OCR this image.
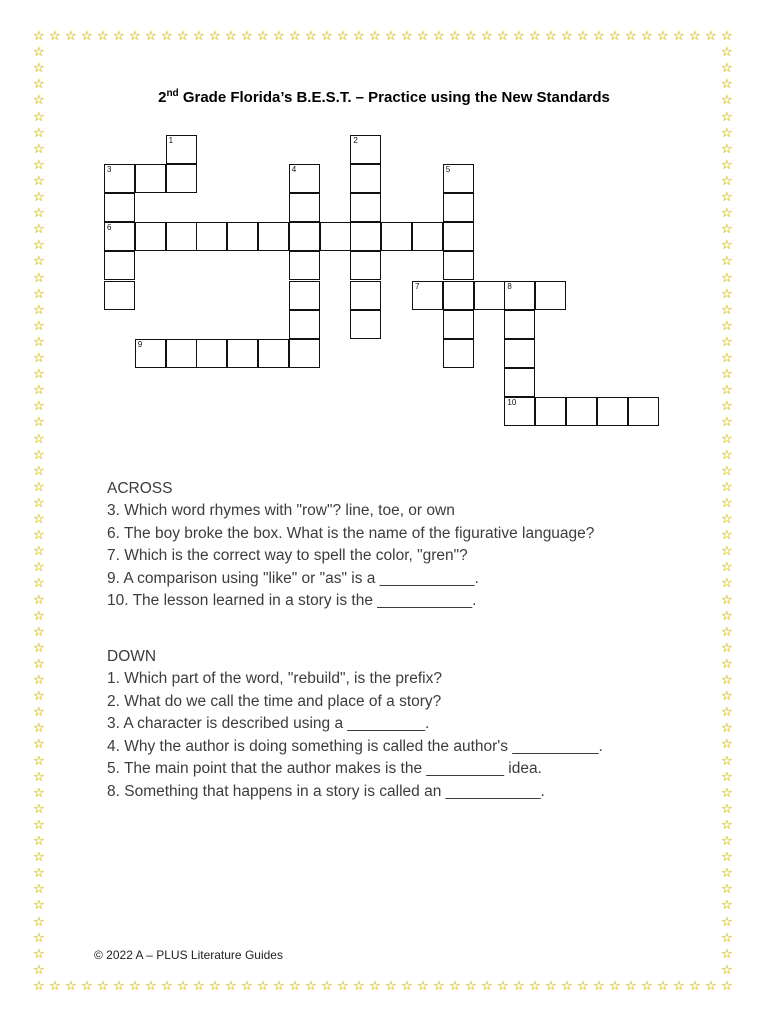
☆
☆
☆
☆
☆
☆
☆
☆
☆
☆
☆
☆
☆
☆
☆
☆
☆
☆
☆
☆
☆
☆
☆
☆
☆
☆
☆
☆
☆
☆
☆
☆
☆
☆
☆
☆
☆
☆
☆
☆
☆
☆
☆
☆
☆
☆
☆
☆
☆
☆
☆
☆
☆
☆
☆
☆
☆
☆
☆
☆
☆
☆
☆
☆
☆
☆
☆
☆
☆
☆
☆
☆
☆
☆
☆
☆
☆
☆
☆
☆
☆
☆
☆
☆
☆
☆
☆
☆
☆	☆
☆	☆
☆	☆
☆	☆
☆	☆
☆	☆
☆	☆
☆	☆
☆	☆
☆	☆
☆	☆
☆	☆
☆	☆
☆	☆
☆	☆
☆	☆
☆	☆
☆	☆
☆	☆
☆	☆
☆	☆
☆	☆
☆	☆
☆	☆
☆	☆
☆	☆
☆	☆
☆	☆
☆	☆
☆	☆
☆	☆
☆	☆
☆	☆
☆	☆
☆	☆
☆	☆
☆	☆
☆	☆
☆	☆
☆	☆
☆	☆
☆	☆
☆	☆
☆	☆
☆	☆
☆	☆
☆	☆
☆	☆
☆	☆
☆	☆
☆	☆
☆	☆
☆	☆
☆	☆
☆	☆
☆	☆
☆	☆
☆	☆
2nd Grade Florida’s B.E.S.T. – Practice using the New Standards
1	2
3	4	5
6
7	8
9
10
ACROSS
3. Which word rhymes with "row"? line, toe, or own
6. The boy broke the box. What is the name of the figurative language?
7. Which is the correct way to spell the color, "gren"?
9. A comparison using "like" or "as" is a ___________.
10. The lesson learned in a story is the ___________.
DOWN
1. Which part of the word, "rebuild", is the prefix?
2. What do we call the time and place of a story?
3. A character is described using a _________.
4. Why the author is doing something is called the author's __________.
5. The main point that the author makes is the _________ idea.
8. Something that happens in a story is called an ___________.
© 2022 A – PLUS Literature Guides
